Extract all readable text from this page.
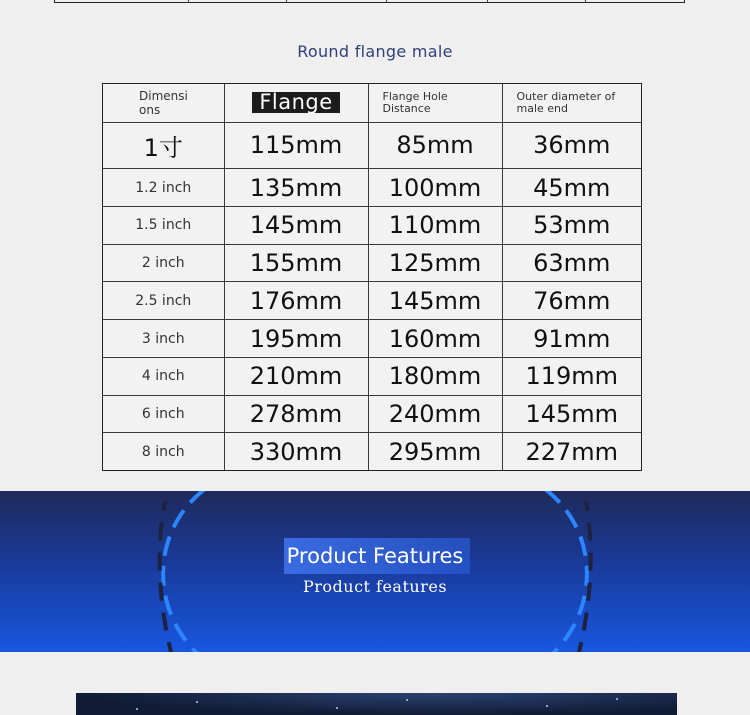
Round flange male
Dimensi ons	Flange	Flange Hole Distance	Outer diameter of male end
1寸	115mm	85mm	36mm
1.2 inch	135mm	100mm	45mm
1.5 inch	145mm	110mm	53mm
2 inch	155mm	125mm	63mm
2.5 inch	176mm	145mm	76mm
3 inch	195mm	160mm	91mm
4 inch	210mm	180mm	119mm
6 inch	278mm	240mm	145mm
8 inch	330mm	295mm	227mm
Product Features
Product features
